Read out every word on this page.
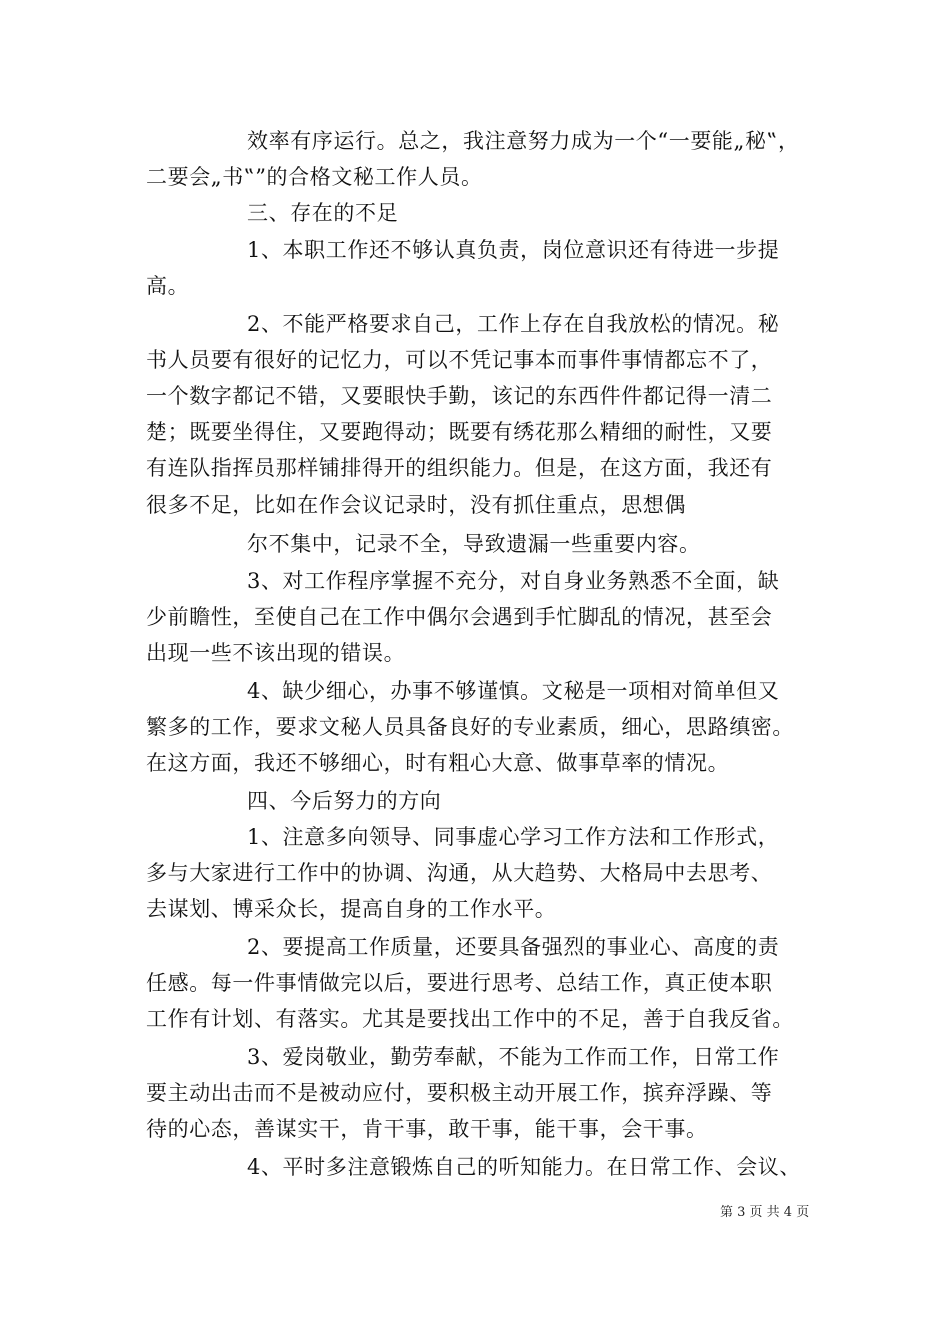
效率有序运行。总之，我注意努力成为一个“一要能„秘‟，
二要会„书‟”的合格文秘工作人员。
三、存在的不足
1、本职工作还不够认真负责，岗位意识还有待进一步提
高。
2、不能严格要求自己，工作上存在自我放松的情况。秘
书人员要有很好的记忆力，可以不凭记事本而事件事情都忘不了，
一个数字都记不错，又要眼快手勤，该记的东西件件都记得一清二
楚；既要坐得住，又要跑得动；既要有绣花那么精细的耐性，又要
有连队指挥员那样铺排得开的组织能力。但是，在这方面，我还有
很多不足，比如在作会议记录时，没有抓住重点，思想偶
尔不集中，记录不全，导致遗漏一些重要内容。
3、对工作程序掌握不充分，对自身业务熟悉不全面，缺
少前瞻性，至使自己在工作中偶尔会遇到手忙脚乱的情况，甚至会
出现一些不该出现的错误。
4、缺少细心，办事不够谨慎。文秘是一项相对简单但又
繁多的工作，要求文秘人员具备良好的专业素质，细心，思路缜密。
在这方面，我还不够细心，时有粗心大意、做事草率的情况。
四、今后努力的方向
1、注意多向领导、同事虚心学习工作方法和工作形式，
多与大家进行工作中的协调、沟通，从大趋势、大格局中去思考、
去谋划、博采众长，提高自身的工作水平。
2、要提高工作质量，还要具备强烈的事业心、高度的责
任感。每一件事情做完以后，要进行思考、总结工作，真正使本职
工作有计划、有落实。尤其是要找出工作中的不足，善于自我反省。
3、爱岗敬业，勤劳奉献，不能为工作而工作，日常工作
要主动出击而不是被动应付，要积极主动开展工作，摈弃浮躁、等
待的心态，善谋实干，肯干事，敢干事，能干事，会干事。
4、平时多注意锻炼自己的听知能力。在日常工作、会议、
第 3 页 共 4 页
